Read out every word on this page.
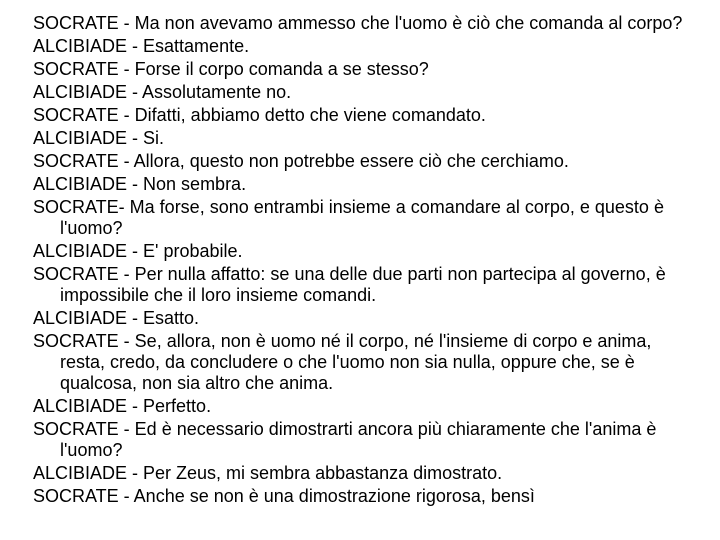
SOCRATE - Ma non avevamo ammesso che l'uomo è ciò che comanda al corpo?
ALCIBIADE - Esattamente.
SOCRATE - Forse il corpo comanda a se stesso?
ALCIBIADE - Assolutamente no.
SOCRATE - Difatti, abbiamo detto che viene comandato.
ALCIBIADE - Si.
SOCRATE - Allora, questo non potrebbe essere ciò che cerchiamo.
ALCIBIADE - Non sembra.
SOCRATE- Ma forse, sono entrambi insieme a comandare al corpo, e questo è l'uomo?
ALCIBIADE - E' probabile.
SOCRATE - Per nulla affatto: se una delle due parti non partecipa al governo, è impossibile che il loro insieme comandi.
ALCIBIADE - Esatto.
SOCRATE - Se, allora, non è uomo né il corpo, né l'insieme di corpo e anima, resta, credo, da concludere o che l'uomo non sia nulla, oppure che, se è qualcosa, non sia altro che anima.
ALCIBIADE - Perfetto.
SOCRATE - Ed è necessario dimostrarti ancora più chiaramente che l'anima è l'uomo?
ALCIBIADE - Per Zeus, mi sembra abbastanza dimostrato.
SOCRATE - Anche se non è una dimostrazione rigorosa, bensì
